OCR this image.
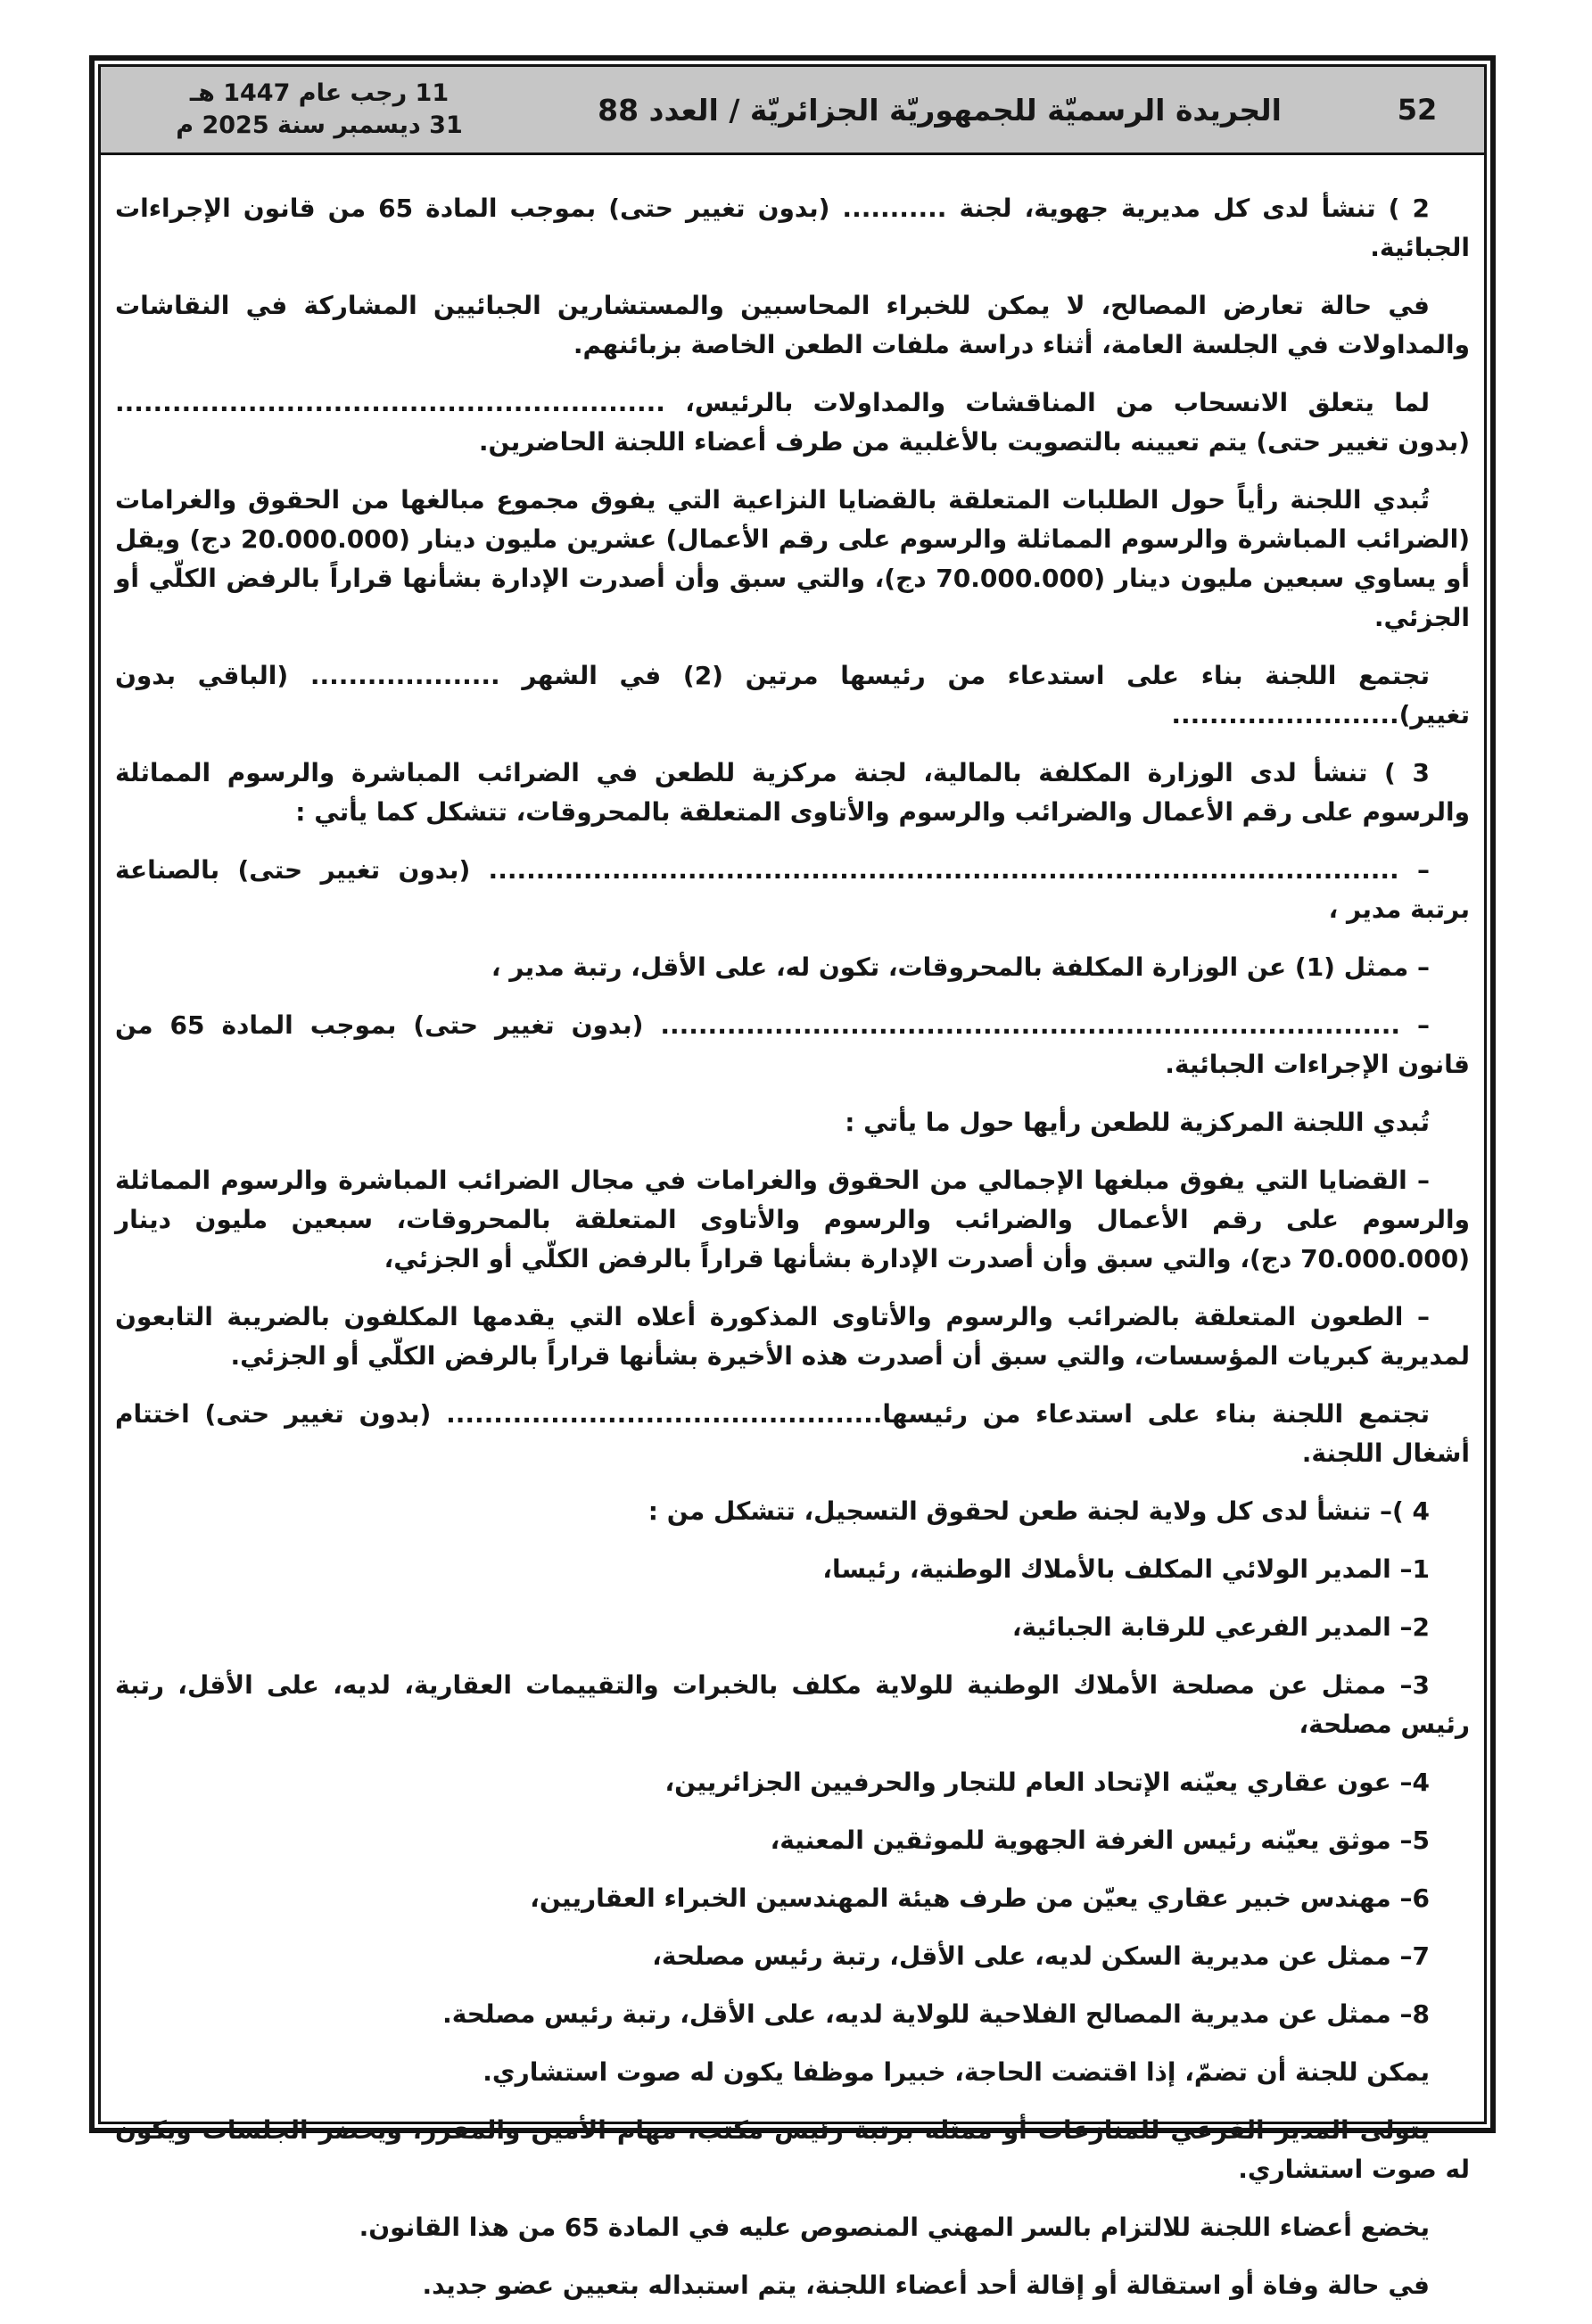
52
الجريدة الرسميّة للجمهوريّة الجزائريّة / العدد 88
11 رجب عام 1447 هـ
31 ديسمبر سنة 2025 م

2 ) تنشأ لدى كل مديرية جهوية، لجنة ........... (بدون تغيير حتى) بموجب المادة 65 من قانون الإجراءات الجبائية.

في حالة تعارض المصالح، لا يمكن للخبراء المحاسبين والمستشارين الجبائيين المشاركة في النقاشات والمداولات في الجلسة العامة، أثناء دراسة ملفات الطعن الخاصة بزبائنهم.

لما يتعلق الانسحاب من المناقشات والمداولات بالرئيس، .......................................................... (بدون تغيير حتى) يتم تعيينه بالتصويت بالأغلبية من طرف أعضاء اللجنة الحاضرين.

تُبدي اللجنة رأياً حول الطلبات المتعلقة بالقضايا النزاعية التي يفوق مجموع مبالغها من الحقوق والغرامات (الضرائب المباشرة والرسوم المماثلة والرسوم على رقم الأعمال) عشرين مليون دينار (20.000.000 دج) ويقل أو يساوي سبعين مليون دينار (70.000.000 دج)، والتي سبق وأن أصدرت الإدارة بشأنها قراراً بالرفض الكلّي أو الجزئي.

تجتمع اللجنة بناء على استدعاء من رئيسها مرتين (2) في الشهر .................... (الباقي بدون تغيير)........................

3 ) تنشأ لدى الوزارة المكلفة بالمالية، لجنة مركزية للطعن في الضرائب المباشرة والرسوم المماثلة والرسوم على رقم الأعمال والضرائب والرسوم والأتاوى المتعلقة بالمحروقات، تتشكل كما يأتي :

– ................................................................................................ (بدون تغيير حتى) بالصناعة برتبة مدير ،

– ممثل (1) عن الوزارة المكلفة بالمحروقات، تكون له، على الأقل، رتبة مدير ،

– .............................................................................. (بدون تغيير حتى) بموجب المادة 65 من قانون الإجراءات الجبائية.

تُبدي اللجنة المركزية للطعن رأيها حول ما يأتي :

– القضايا التي يفوق مبلغها الإجمالي من الحقوق والغرامات في مجال الضرائب المباشرة والرسوم المماثلة والرسوم على رقم الأعمال والضرائب والرسوم والأتاوى المتعلقة بالمحروقات، سبعين مليون دينار (70.000.000 دج)، والتي سبق وأن أصدرت الإدارة بشأنها قراراً بالرفض الكلّي أو الجزئي،

– الطعون المتعلقة بالضرائب والرسوم والأتاوى المذكورة أعلاه التي يقدمها المكلفون بالضريبة التابعون لمديرية كبريات المؤسسات، والتي سبق أن أصدرت هذه الأخيرة بشأنها قراراً بالرفض الكلّي أو الجزئي.

تجتمع اللجنة بناء على استدعاء من رئيسها.............................................. (بدون تغيير حتى) اختتام أشغال اللجنة.

4 )– تنشأ لدى كل ولاية لجنة طعن لحقوق التسجيل، تتشكل من :

1– المدير الولائي المكلف بالأملاك الوطنية، رئيسا،

2– المدير الفرعي للرقابة الجبائية،

3– ممثل عن مصلحة الأملاك الوطنية للولاية مكلف بالخبرات والتقييمات العقارية، لديه، على الأقل، رتبة رئيس مصلحة،

4– عون عقاري يعيّنه الإتحاد العام للتجار والحرفيين الجزائريين،

5– موثق يعيّنه رئيس الغرفة الجهوية للموثقين المعنية،

6– مهندس خبير عقاري يعيّن من طرف هيئة المهندسين الخبراء العقاريين،

7– ممثل عن مديرية السكن لديه، على الأقل، رتبة رئيس مصلحة،

8– ممثل عن مديرية المصالح الفلاحية للولاية لديه، على الأقل، رتبة رئيس مصلحة.

يمكن للجنة أن تضمّ، إذا اقتضت الحاجة، خبيرا موظفا يكون له صوت استشاري.

يتولى المدير الفرعي للمنازعات أو ممثله برتبة رئيس مكتب، مهام الأمين والمقرر، ويحضر الجلسات ويكون له صوت استشاري.

يخضع أعضاء اللجنة للالتزام بالسر المهني المنصوص عليه في المادة 65 من هذا القانون.

في حالة وفاة أو استقالة أو إقالة أحد أعضاء اللجنة، يتم استبداله بتعيين عضو جديد.
